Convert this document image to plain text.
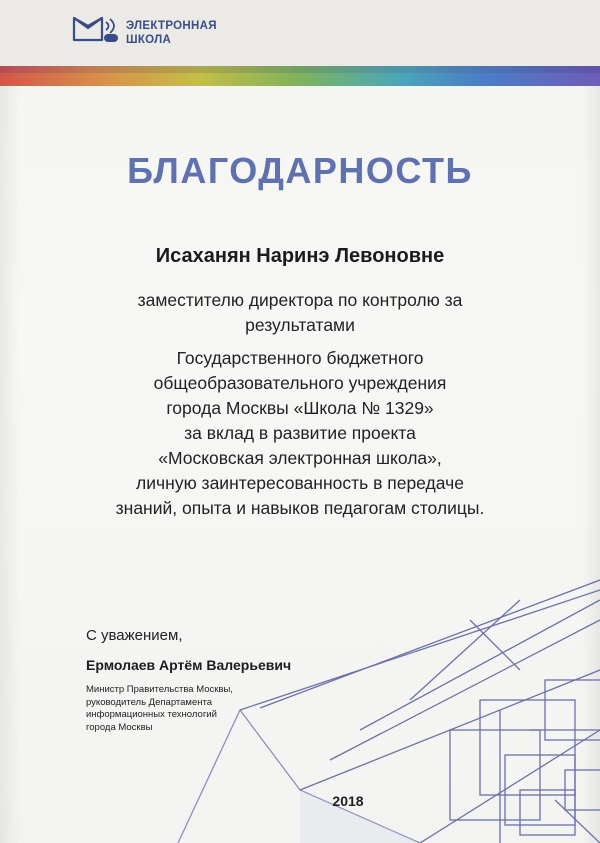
ЭЛЕКТРОННАЯ
ШКОЛА
БЛАГОДАРНОСТЬ
Исаханян Наринэ Левоновне
заместителю директора по контролю за
результатами
Государственного бюджетного
общеобразовательного учреждения
города Москвы «Школа № 1329»
за вклад в развитие проекта
«Московская электронная школа»,
личную заинтересованность в передаче
знаний, опыта и навыков педагогам столицы.
С уважением,
Ермолаев Артём Валерьевич
Министр Правительства Москвы,
руководитель Департамента
информационных технологий
города Москвы
2018
